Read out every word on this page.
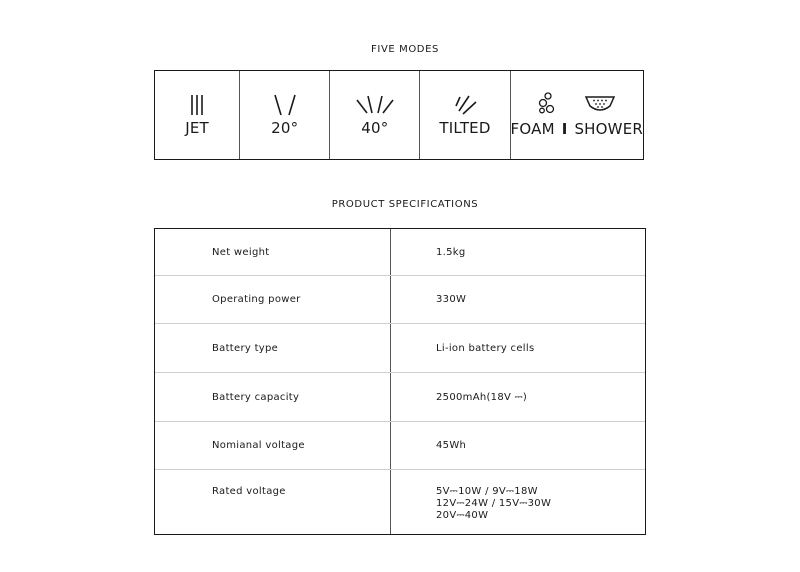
FIVE MODES
JET	20°	40°	TILTED FOAM I SHOWER
PRODUCT SPECIFICATIONS
Net weight	1.5kg
Operating power	330W
Battery type	Li-ion battery cells
Battery capacity	2500mAh(18V ⎓)
Nomianal voltage	45Wh
Rated voltage	5V⎓10W / 9V⎓18W
12V⎓24W / 15V⎓30W
20V⎓40W
